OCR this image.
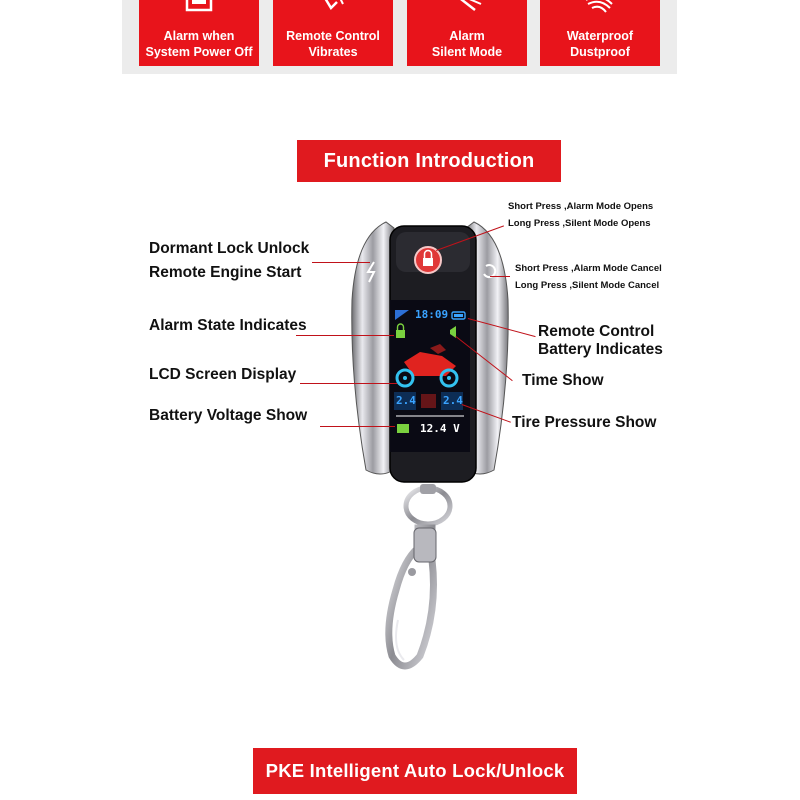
Alarm when
System Power Off
Remote Control
Vibrates
Alarm
Silent Mode
Waterproof
Dustproof
Function Introduction
18:09
2.4 2.4
12.4 V
Dormant Lock Unlock
Remote Engine Start
Alarm State Indicates
LCD Screen Display
Battery Voltage Show
Short Press ,Alarm Mode Opens
Long Press ,Silent Mode Opens
Short Press ,Alarm Mode Cancel
Long Press ,Silent Mode Cancel
Remote Control
Battery Indicates
Time Show
Tire Pressure Show
PKE Intelligent Auto Lock/Unlock
